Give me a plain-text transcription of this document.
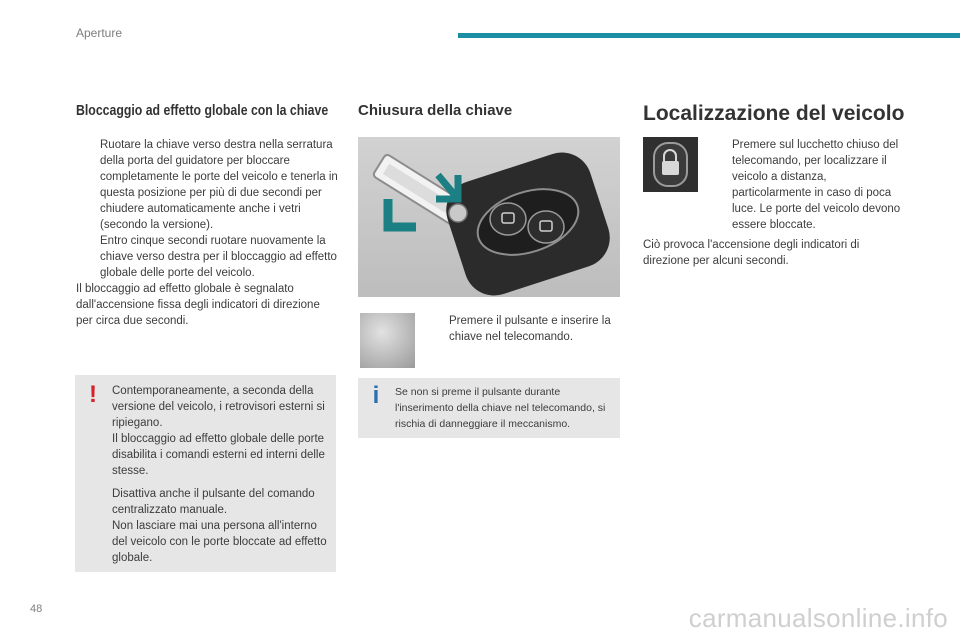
Aperture
Bloccaggio ad effetto globale con la chiave
Ruotare la chiave verso destra nella serratura della porta del guidatore per bloccare completamente le porte del veicolo e tenerla in questa posizione per più di due secondi per chiudere automaticamente anche i vetri (secondo la versione).
Entro cinque secondi ruotare nuovamente la chiave verso destra per il bloccaggio ad effetto globale delle porte del veicolo.

Il bloccaggio ad effetto globale è segnalato dall'accensione fissa degli indicatori di direzione per circa due secondi.

! Contemporaneamente, a seconda della versione del veicolo, i retrovisori esterni si ripiegano.

Il bloccaggio ad effetto globale delle porte disabilita i comandi esterni ed interni delle stesse.

Disattiva anche il pulsante del comando centralizzato manuale.

Non lasciare mai una persona all'interno del veicolo con le porte bloccate ad effetto globale.

Chiusura della chiave
Premere il pulsante e inserire la chiave nel telecomando.
i Se non si preme il pulsante durante l'inserimento della chiave nel telecomando, si rischia di danneggiare il meccanismo.
Localizzazione del veicolo
Premere sul lucchetto chiuso del telecomando, per localizzare il veicolo a distanza, particolarmente in caso di poca luce. Le porte del veicolo devono essere bloccate.
Ciò provoca l'accensione degli indicatori di direzione per alcuni secondi.
48	carmanualsonline.info
